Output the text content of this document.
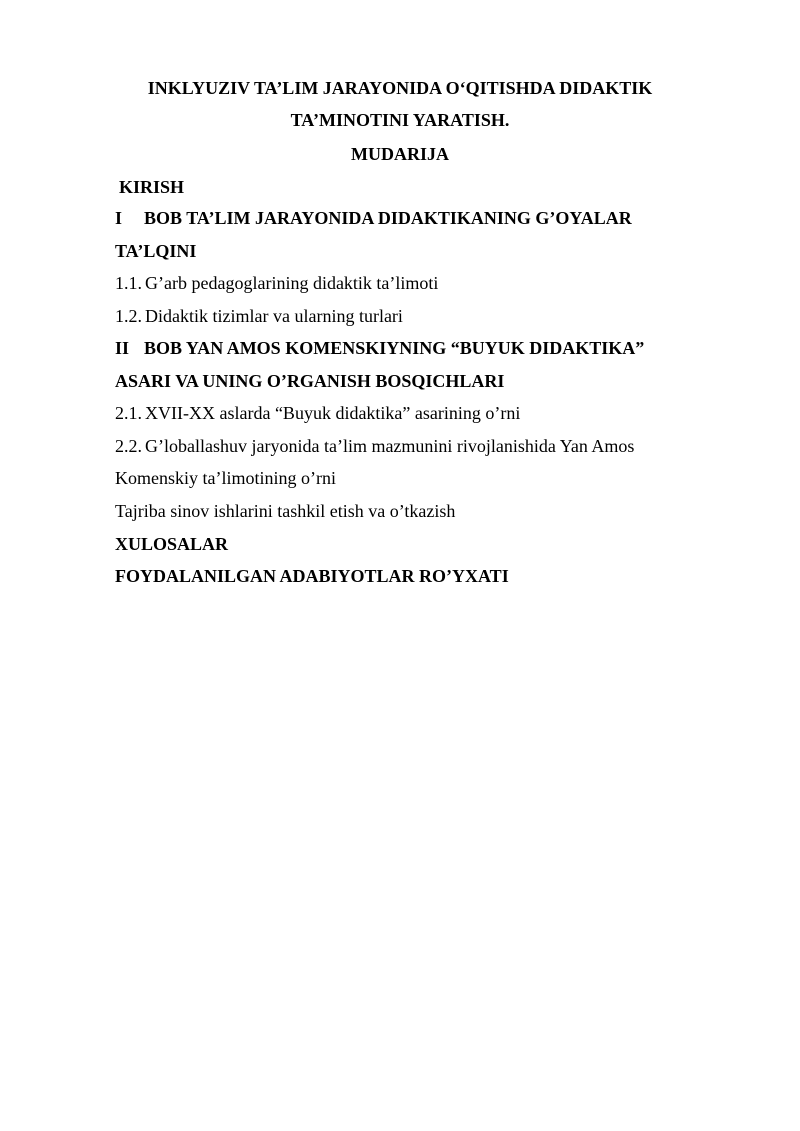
INKLYUZIV TA’LIM JARAYONIDA O‘QITISHDA DIDAKTIK
TA’MINOTINI YARATISH.
MUDARIJA
KIRISH
I BOB TA’LIM JARAYONIDA DIDAKTIKANING G’OYALAR
TA’LQINI
1.1. G’arb pedagoglarining didaktik ta’limoti
1.2. Didaktik tizimlar va ularning turlari
II BOB YAN AMOS KOMENSKIYNING “BUYUK DIDAKTIKA”
ASARI VA UNING O’RGANISH BOSQICHLARI
2.1. XVII-XX aslarda “Buyuk didaktika” asarining o’rni
2.2. G’loballashuv jaryonida ta’lim mazmunini rivojlanishida Yan Amos
Komenskiy ta’limotining o’rni
Tajriba sinov ishlarini tashkil etish va o’tkazish
XULOSALAR
FOYDALANILGAN ADABIYOTLAR RO’YXATI
